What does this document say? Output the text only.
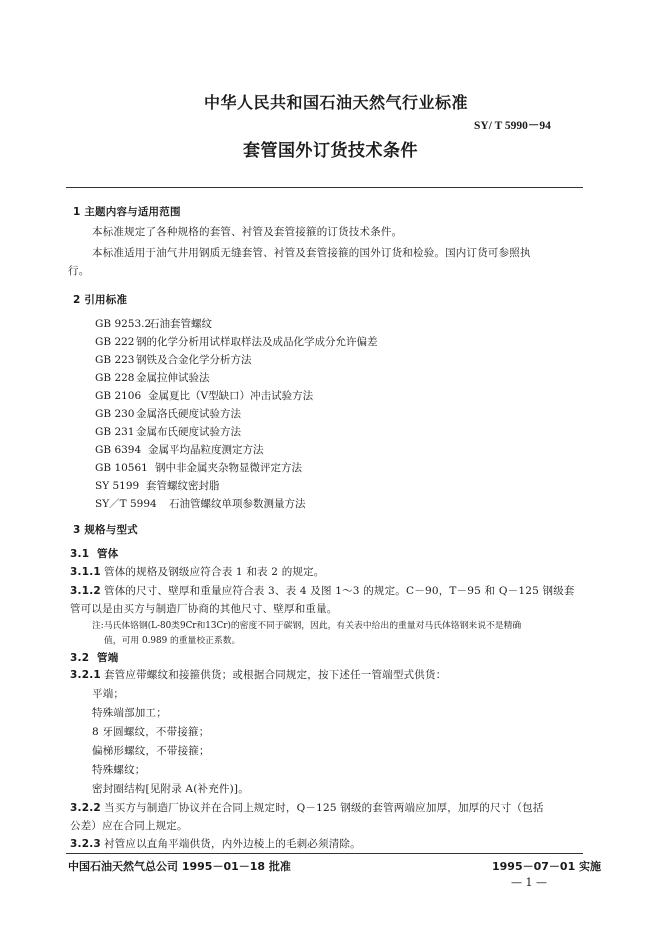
中华人民共和国石油天然气行业标准
SY/ T 5990－94
套管国外订货技术条件
1 主题内容与适用范围
本标准规定了各种规格的套管、衬管及套管接箍的订货技术条件。
本标准适用于油气井用钢质无缝套管、衬管及套管接箍的国外订货和检验。国内订货可参照执
行。
2 引用标准
GB 9253.2石油套管螺纹
GB 222 钢的化学分析用试样取样法及成品化学成分允许偏差
GB 223 钢铁及合金化学分析方法
GB 228 金属拉伸试验法
GB 2106 金属夏比（V型缺口）冲击试验方法
GB 230 金属洛氏硬度试验方法
GB 231 金属布氏硬度试验方法
GB 6394 金属平均晶粒度测定方法
GB 10561 钢中非金属夹杂物显微评定方法
SY 5199 套管螺纹密封脂
SY／T 5994 石油管螺纹单项参数测量方法
3 规格与型式
3.1 管体
3.1.1 管体的规格及钢级应符合表 1 和表 2 的规定。
3.1.2 管体的尺寸、壁厚和重量应符合表 3、表 4 及图 1～3 的规定。C－90，T－95 和 Q－125 钢级套
管可以是由买方与制造厂协商的其他尺寸、壁厚和重量。
注:马氏体铬钢(L-80类9Cr和13Cr)的密度不同于碳钢，因此，有关表中给出的重量对马氏体铬钢来说不是精确
值，可用 0.989 的重量校正系数。
3.2 管端
3.2.1 套管应带螺纹和接箍供货；或根据合同规定，按下述任一管端型式供货：
平端；
特殊端部加工；
8 牙圆螺纹，不带接箍；
偏梯形螺纹，不带接箍；
特殊螺纹；
密封圈结构[见附录 A(补充件)]。
3.2.2 当买方与制造厂协议并在合同上规定时，Q－125 钢级的套管两端应加厚，加厚的尺寸（包括
公差）应在合同上规定。
3.2.3 衬管应以直角平端供货，内外边棱上的毛刺必须清除。
中国石油天然气总公司 1995－01－18 批准	1995－07－01 实施
— 1 —
